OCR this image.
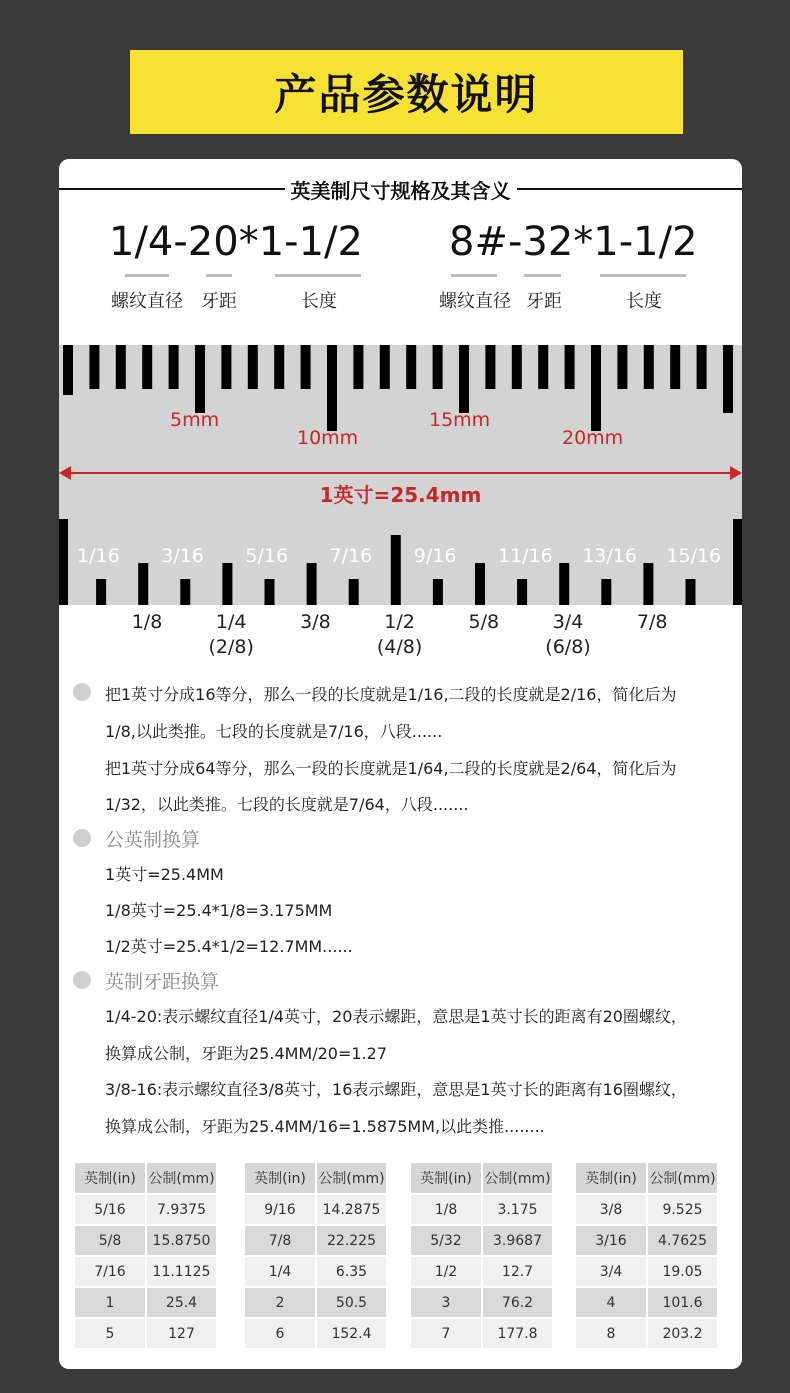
产品参数说明
英美制尺寸规格及其含义
1/4-20*1-1/2
螺纹直径 牙距	长度
8#-32*1-1/2
螺纹直径 牙距	长度
5mm
10mm
15mm
20mm
1英寸=25.4mm
1/16 3/16 5/16 7/16 9/16 11/16 13/16 15/16
1/8	1/4
(2/8)
3/8	1/2
(4/8)
5/8	3/4
(6/8)
7/8
把1英寸分成16等分，那么一段的长度就是1/16,二段的长度就是2/16，简化后为
1/8,以此类推。七段的长度就是7/16，八段......
把1英寸分成64等分，那么一段的长度就是1/64,二段的长度就是2/64，简化后为
1/32，以此类推。七段的长度就是7/64，八段.......
公英制换算
1英寸=25.4MM
1/8英寸=25.4*1/8=3.175MM
1/2英寸=25.4*1/2=12.7MM......
英制牙距换算
1/4-20:表示螺纹直径1/4英寸，20表示螺距，意思是1英寸长的距离有20圈螺纹，
换算成公制，牙距为25.4MM/20=1.27
3/8-16:表示螺纹直径3/8英寸，16表示螺距，意思是1英寸长的距离有16圈螺纹，
换算成公制，牙距为25.4MM/16=1.5875MM,以此类推........
英制(in)	公制(mm)
5/16	7.9375
5/8	15.8750
7/16	11.1125
1	25.4
5	127
英制(in)	公制(mm)
9/16	14.2875
7/8	22.225
1/4	6.35
2	50.5
6	152.4
英制(in)	公制(mm)
1/8	3.175
5/32	3.9687
1/2	12.7
3	76.2
7	177.8
英制(in)	公制(mm)
3/8	9.525
3/16	4.7625
3/4	19.05
4	101.6
8	203.2
